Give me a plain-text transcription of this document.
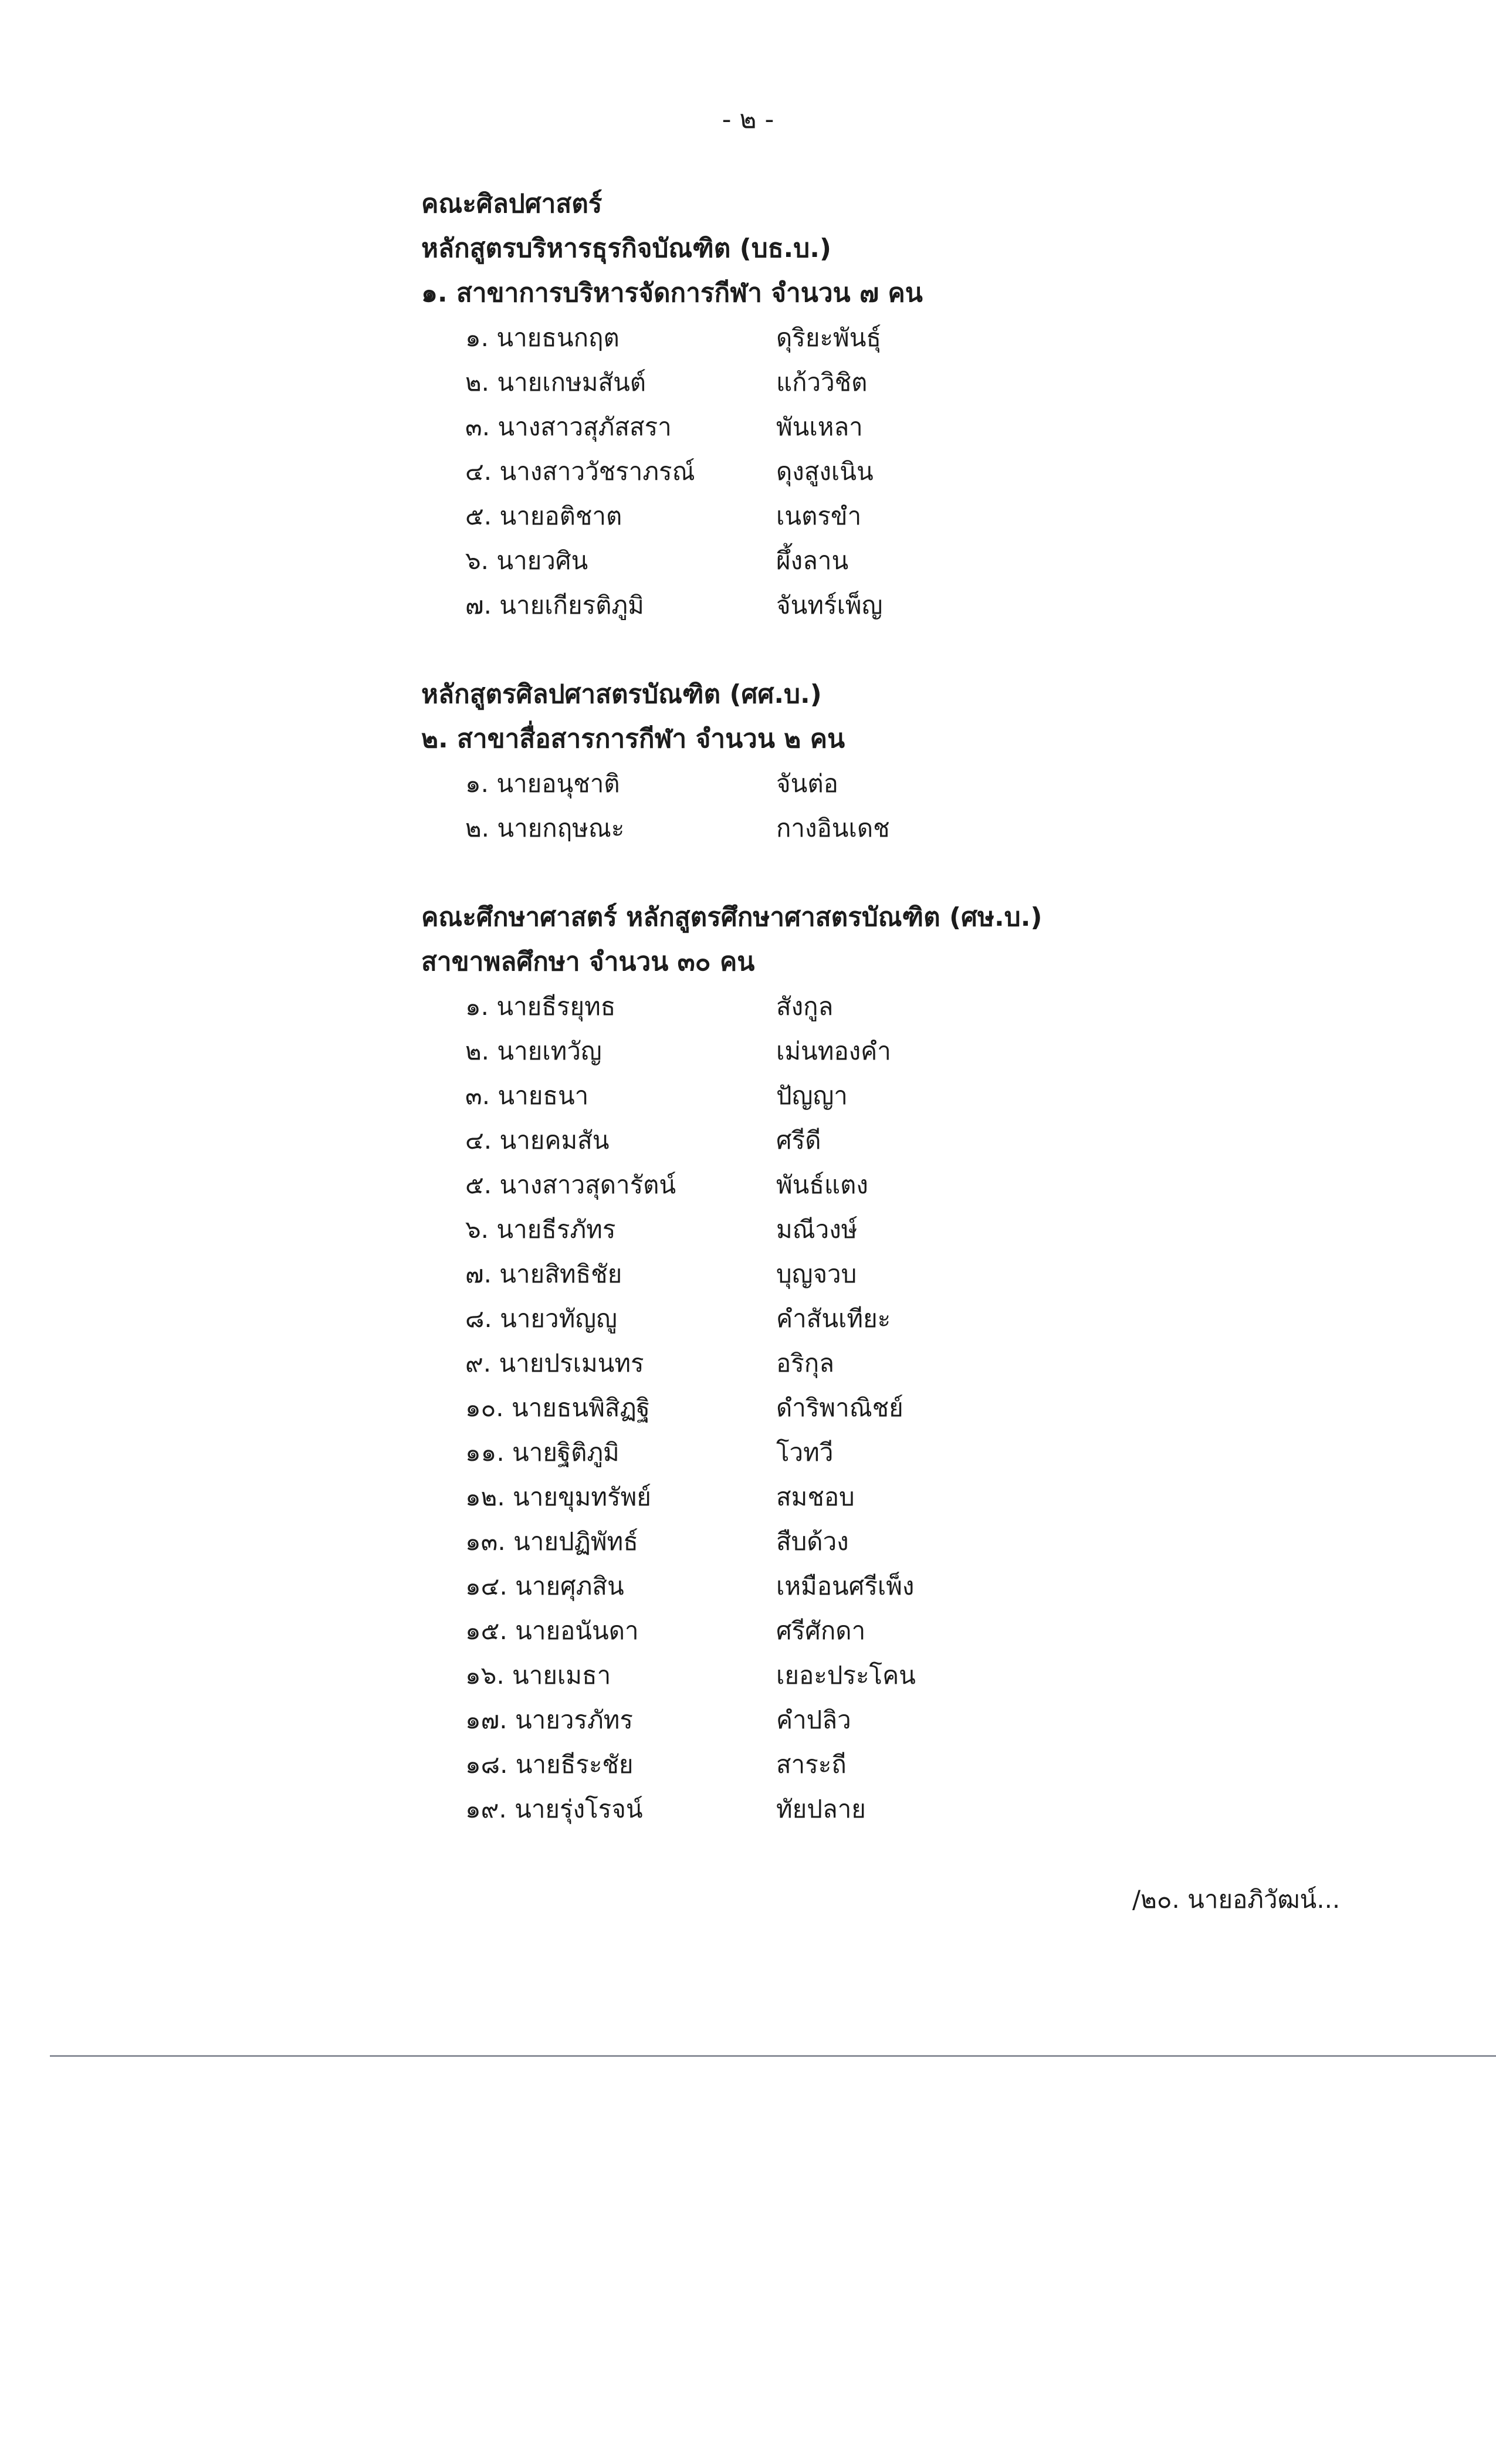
- ๒ -
คณะศิลปศาสตร์
หลักสูตรบริหารธุรกิจบัณฑิต (บธ.บ.)
๑. สาขาการบริหารจัดการกีฬา จำนวน ๗ คน
๑. นายธนกฤต	ดุริยะพันธุ์
๒. นายเกษมสันต์	แก้ววิชิต
๓. นางสาวสุภัสสรา	พันเหลา
๔. นางสาววัชราภรณ์	ดุงสูงเนิน
๕. นายอติชาต	เนตรขำ
๖. นายวศิน	ผึ้งลาน
๗. นายเกียรติภูมิ	จันทร์เพ็ญ
หลักสูตรศิลปศาสตรบัณฑิต (ศศ.บ.)
๒. สาขาสื่อสารการกีฬา จำนวน ๒ คน
๑. นายอนุชาติ	จันต่อ
๒. นายกฤษณะ	กางอินเดช
คณะศึกษาศาสตร์ หลักสูตรศึกษาศาสตรบัณฑิต (ศษ.บ.)
สาขาพลศึกษา จำนวน ๓๐ คน
๑. นายธีรยุทธ	สังกูล
๒. นายเทวัญ	เม่นทองคำ
๓. นายธนา	ปัญญา
๔. นายคมสัน	ศรีดี
๕. นางสาวสุดารัตน์	พันธ์แตง
๖. นายธีรภัทร	มณีวงษ์
๗. นายสิทธิชัย	บุญจวบ
๘. นายวทัญญู	คำสันเทียะ
๙. นายปรเมนทร	อริกุล
๑๐. นายธนพิสิฏฐิ	ดำริพาณิชย์
๑๑. นายฐิติภูมิ	โวทวี
๑๒. นายขุมทรัพย์	สมชอบ
๑๓. นายปฏิพัทธ์	สืบด้วง
๑๔. นายศุภสิน	เหมือนศรีเพ็ง
๑๕. นายอนันดา	ศรีศักดา
๑๖. นายเมธา	เยอะประโคน
๑๗. นายวรภัทร	คำปลิว
๑๘. นายธีระชัย	สาระถี
๑๙. นายรุ่งโรจน์	ทัยปลาย
/๒๐. นายอภิวัฒน์...
